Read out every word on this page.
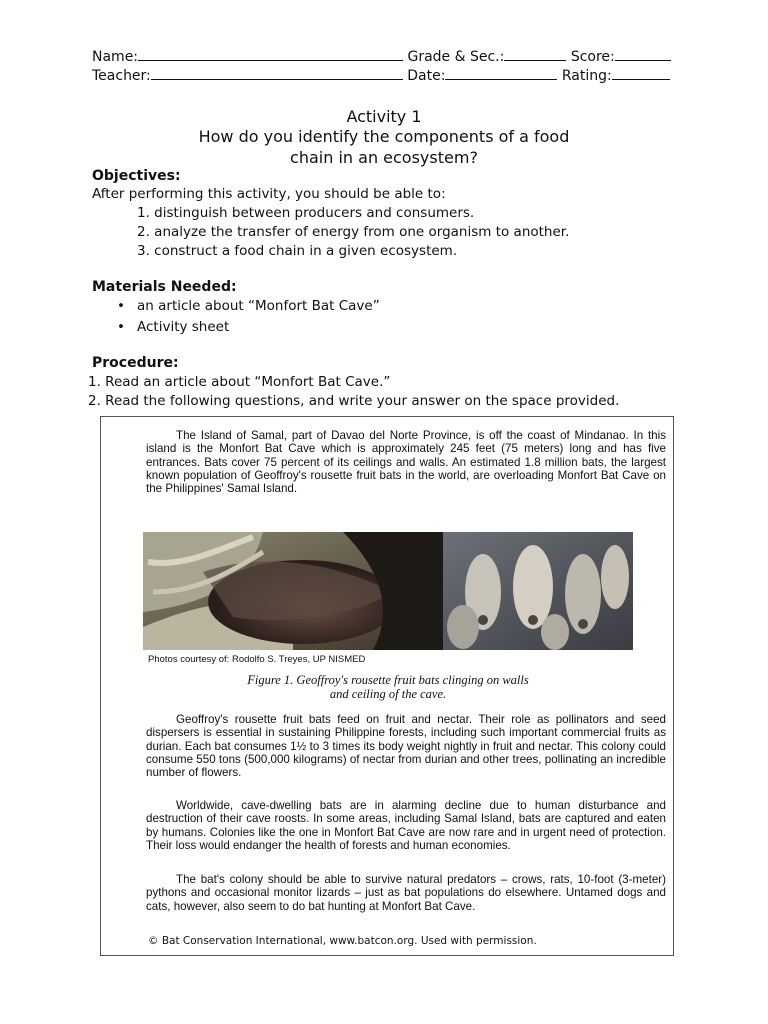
Name:	Grade & Sec.:	Score:
Teacher:	Date:	Rating:
Activity 1
How do you identify the components of a food
chain in an ecosystem?
Objectives:
After performing this activity, you should be able to:
1. distinguish between producers and consumers.
2. analyze the transfer of energy from one organism to another.
3. construct a food chain in a given ecosystem.
Materials Needed:
• an article about “Monfort Bat Cave”
• Activity sheet
Procedure:
1. Read an article about “Monfort Bat Cave.”
2. Read the following questions, and write your answer on the space provided.
The Island of Samal, part of Davao del Norte Province, is off the coast of Mindanao. In this island is the Monfort Bat Cave which is approximately 245 feet (75 meters) long and has five entrances. Bats cover 75 percent of its ceilings and walls. An estimated 1.8 million bats, the largest known population of Geoffroy's rousette fruit bats in the world, are overloading Monfort Bat Cave on the Philippines' Samal Island.
Photos courtesy of: Rodolfo S. Treyes, UP NISMED
Figure 1. Geoffroy's rousette fruit bats clinging on walls
and ceiling of the cave.
Geoffroy's rousette fruit bats feed on fruit and nectar. Their role as pollinators and seed dispersers is essential in sustaining Philippine forests, including such important commercial fruits as durian. Each bat consumes 1½ to 3 times its body weight nightly in fruit and nectar. This colony could consume 550 tons (500,000 kilograms) of nectar from durian and other trees, pollinating an incredible number of flowers.
Worldwide, cave-dwelling bats are in alarming decline due to human disturbance and destruction of their cave roosts. In some areas, including Samal Island, bats are captured and eaten by humans. Colonies like the one in Monfort Bat Cave are now rare and in urgent need of protection. Their loss would endanger the health of forests and human economies.
The bat's colony should be able to survive natural predators – crows, rats, 10-foot (3-meter) pythons and occasional monitor lizards – just as bat populations do elsewhere. Untamed dogs and cats, however, also seem to do bat hunting at Monfort Bat Cave.
© Bat Conservation International, www.batcon.org. Used with permission.
